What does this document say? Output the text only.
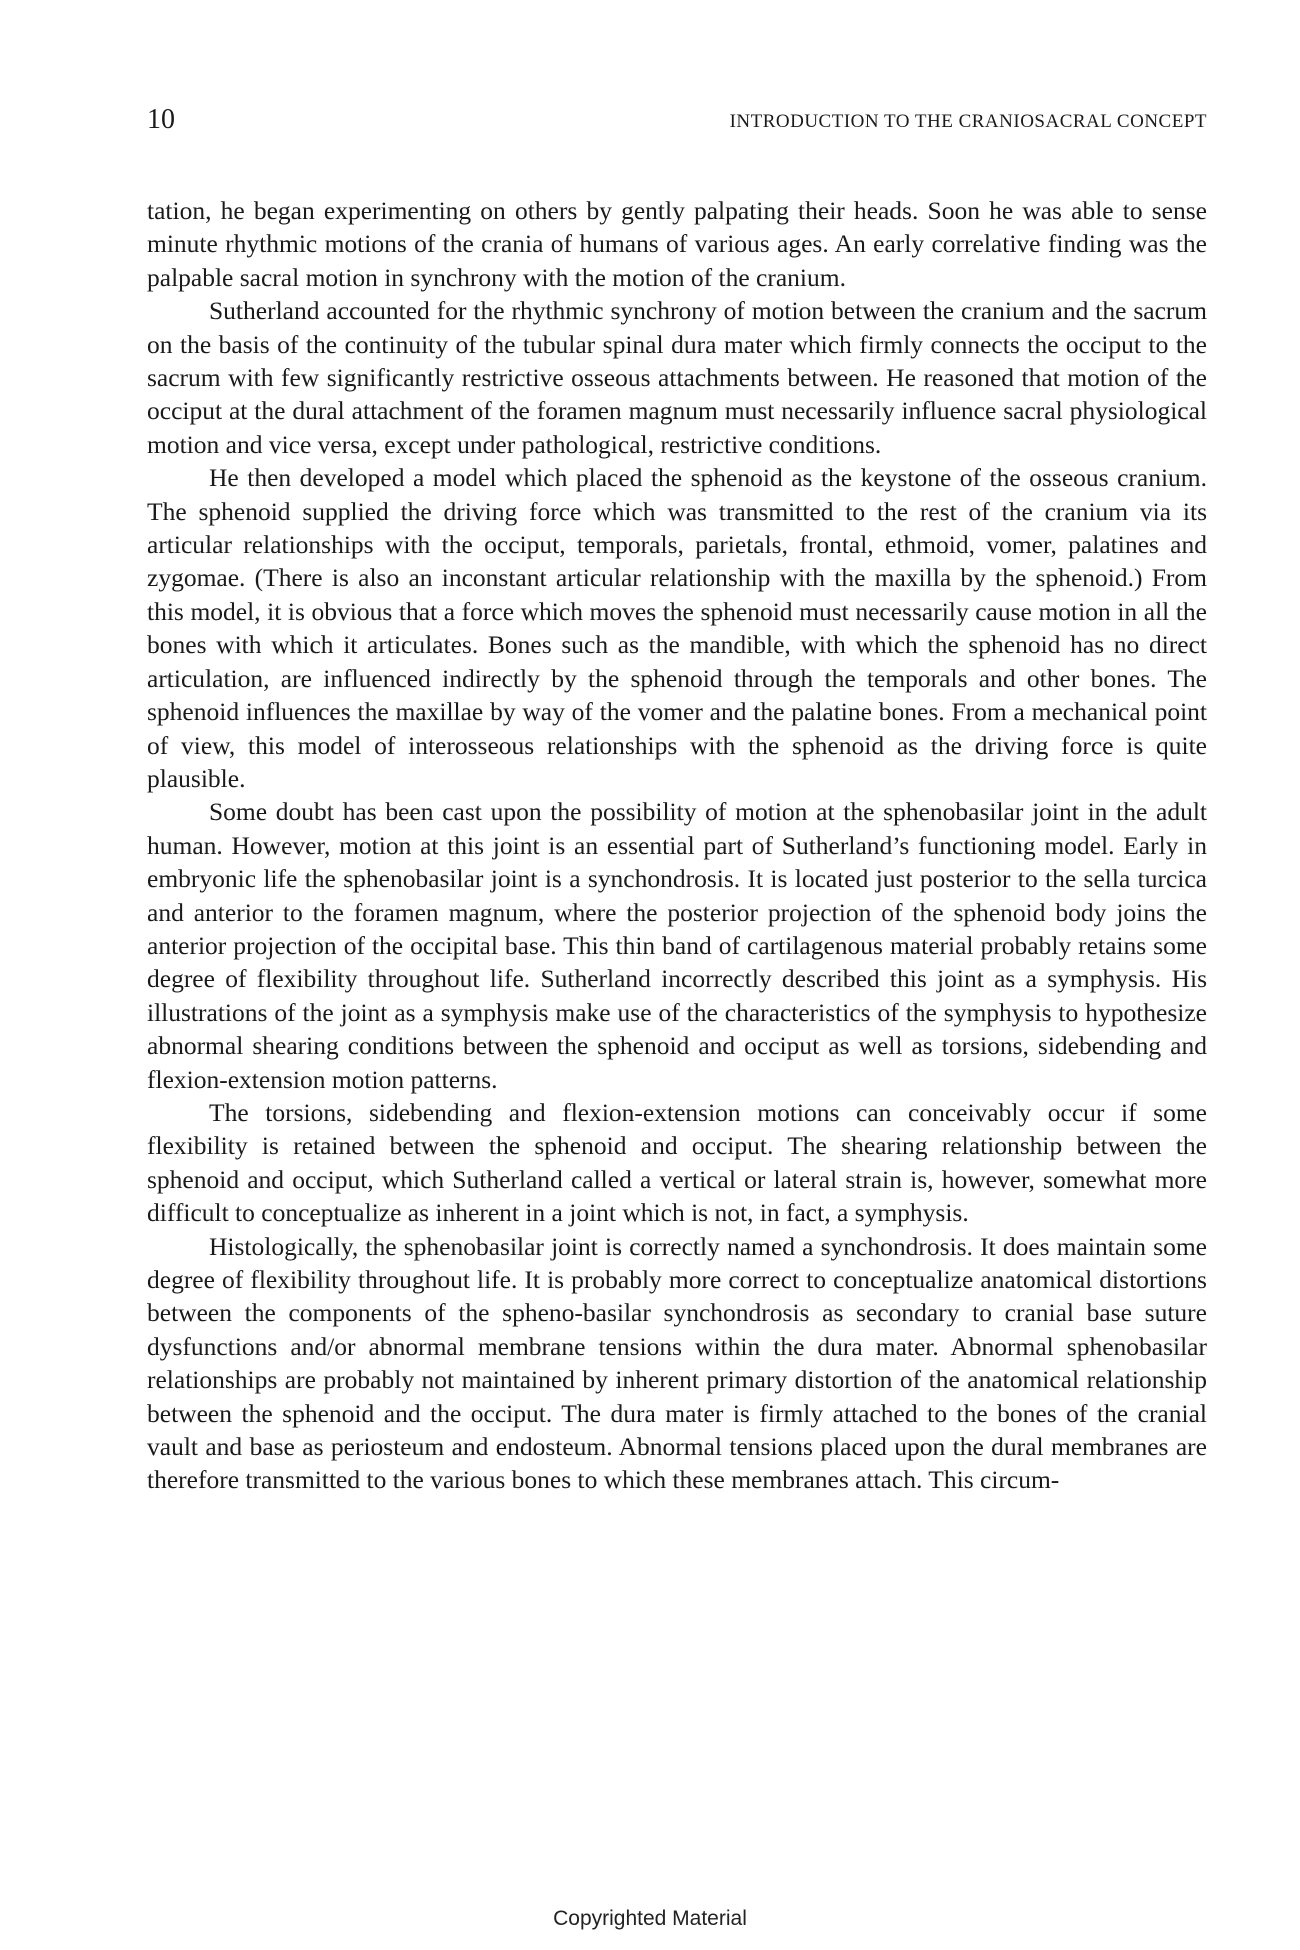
10	INTRODUCTION TO THE CRANIOSACRAL CONCEPT

tation, he began experimenting on others by gently palpating their heads. Soon he was able to sense minute rhythmic motions of the crania of humans of various ages. An early correlative finding was the palpable sacral motion in synchrony with the motion of the cranium.

Sutherland accounted for the rhythmic synchrony of motion between the cranium and the sacrum on the basis of the continuity of the tubular spinal dura mater which firmly connects the occiput to the sacrum with few significantly restrictive osseous attachments between. He reasoned that motion of the occiput at the dural attachment of the foramen magnum must necessarily influence sacral physiological motion and vice versa, except under pathological, restrictive conditions.

He then developed a model which placed the sphenoid as the keystone of the osseous cranium. The sphenoid supplied the driving force which was transmitted to the rest of the cranium via its articular relationships with the occiput, temporals, parietals, frontal, ethmoid, vomer, palatines and zygomae. (There is also an inconstant articular relationship with the maxilla by the sphenoid.) From this model, it is obvious that a force which moves the sphenoid must necessarily cause motion in all the bones with which it articulates. Bones such as the mandible, with which the sphenoid has no direct articulation, are influenced indirectly by the sphenoid through the temporals and other bones. The sphenoid influences the maxillae by way of the vomer and the palatine bones. From a mechanical point of view, this model of interosseous relationships with the sphenoid as the driving force is quite plausible.

Some doubt has been cast upon the possibility of motion at the sphenobasilar joint in the adult human. However, motion at this joint is an essential part of Sutherland’s functioning model. Early in embryonic life the sphenobasilar joint is a synchondrosis. It is located just posterior to the sella turcica and anterior to the foramen magnum, where the posterior projection of the sphenoid body joins the anterior projection of the occipital base. This thin band of cartilagenous material probably retains some degree of flexibility throughout life. Sutherland incorrectly described this joint as a symphysis. His illustrations of the joint as a symphysis make use of the characteristics of the symphysis to hypothesize abnormal shearing conditions between the sphenoid and occiput as well as torsions, sidebending and flexion-extension motion patterns.

The torsions, sidebending and flexion-extension motions can conceivably occur if some flexibility is retained between the sphenoid and occiput. The shearing relationship between the sphenoid and occiput, which Sutherland called a vertical or lateral strain is, however, somewhat more difficult to conceptualize as inherent in a joint which is not, in fact, a symphysis.

Histologically, the sphenobasilar joint is correctly named a synchondrosis. It does maintain some degree of flexibility throughout life. It is probably more correct to conceptualize anatomical distortions between the components of the spheno-basilar synchondrosis as secondary to cranial base suture dysfunctions and/or abnormal membrane tensions within the dura mater. Abnormal sphenobasilar relationships are probably not maintained by inherent primary distortion of the anatomical relationship between the sphenoid and the occiput. The dura mater is firmly attached to the bones of the cranial vault and base as periosteum and endosteum. Abnormal tensions placed upon the dural membranes are therefore transmitted to the various bones to which these membranes attach. This circum-

Copyrighted Material
